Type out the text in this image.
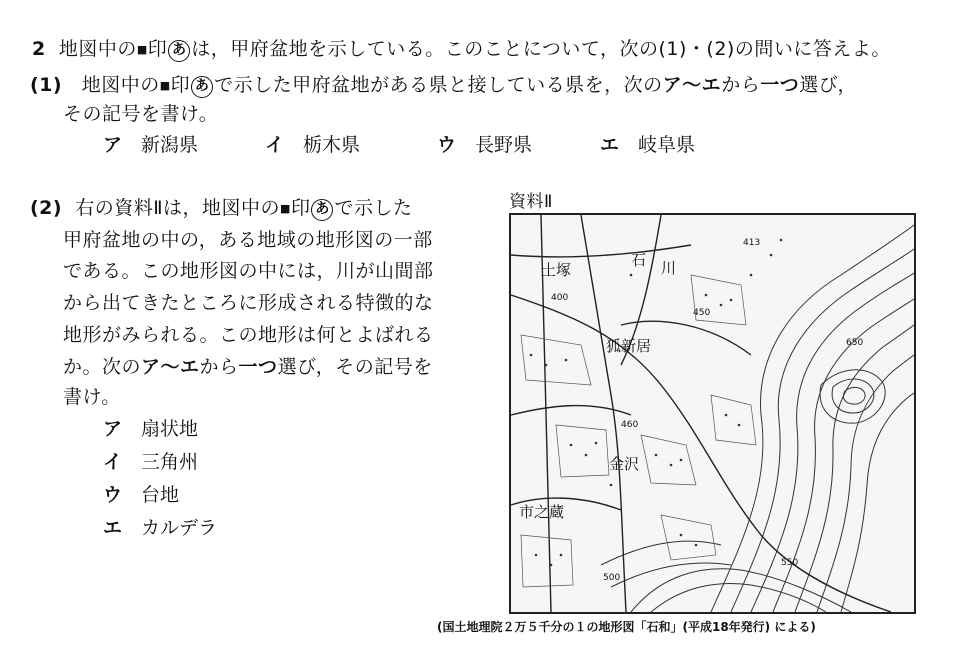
2 地図中の■印 あ は，甲府盆地を示している。このことについて，次の(1)・(2)の問いに答えよ。
(1) 地図中の■印 あ で示した甲府盆地がある県と接している県を，次のア〜エから一つ選び，
その記号を書け。
ア 新潟県	イ 栃木県	ウ 長野県	エ 岐阜県
(2) 右の資料Ⅱは，地図中の■印 あ で示した
甲府盆地の中の，ある地域の地形図の一部
である。この地形図の中には，川が山間部
から出てきたところに形成される特徴的な
地形がみられる。この地形は何とよばれる
か。次のア〜エから一つ選び，その記号を
書け。
ア 扇状地
イ 三角州
ウ 台地
エ カルデラ
資料Ⅱ
狐新居
金沢
市之蔵
土塚
石 川
450
500
550
650
413
460
400
(国土地理院２万５千分の１の地形図「石和」(平成18年発行) による)
